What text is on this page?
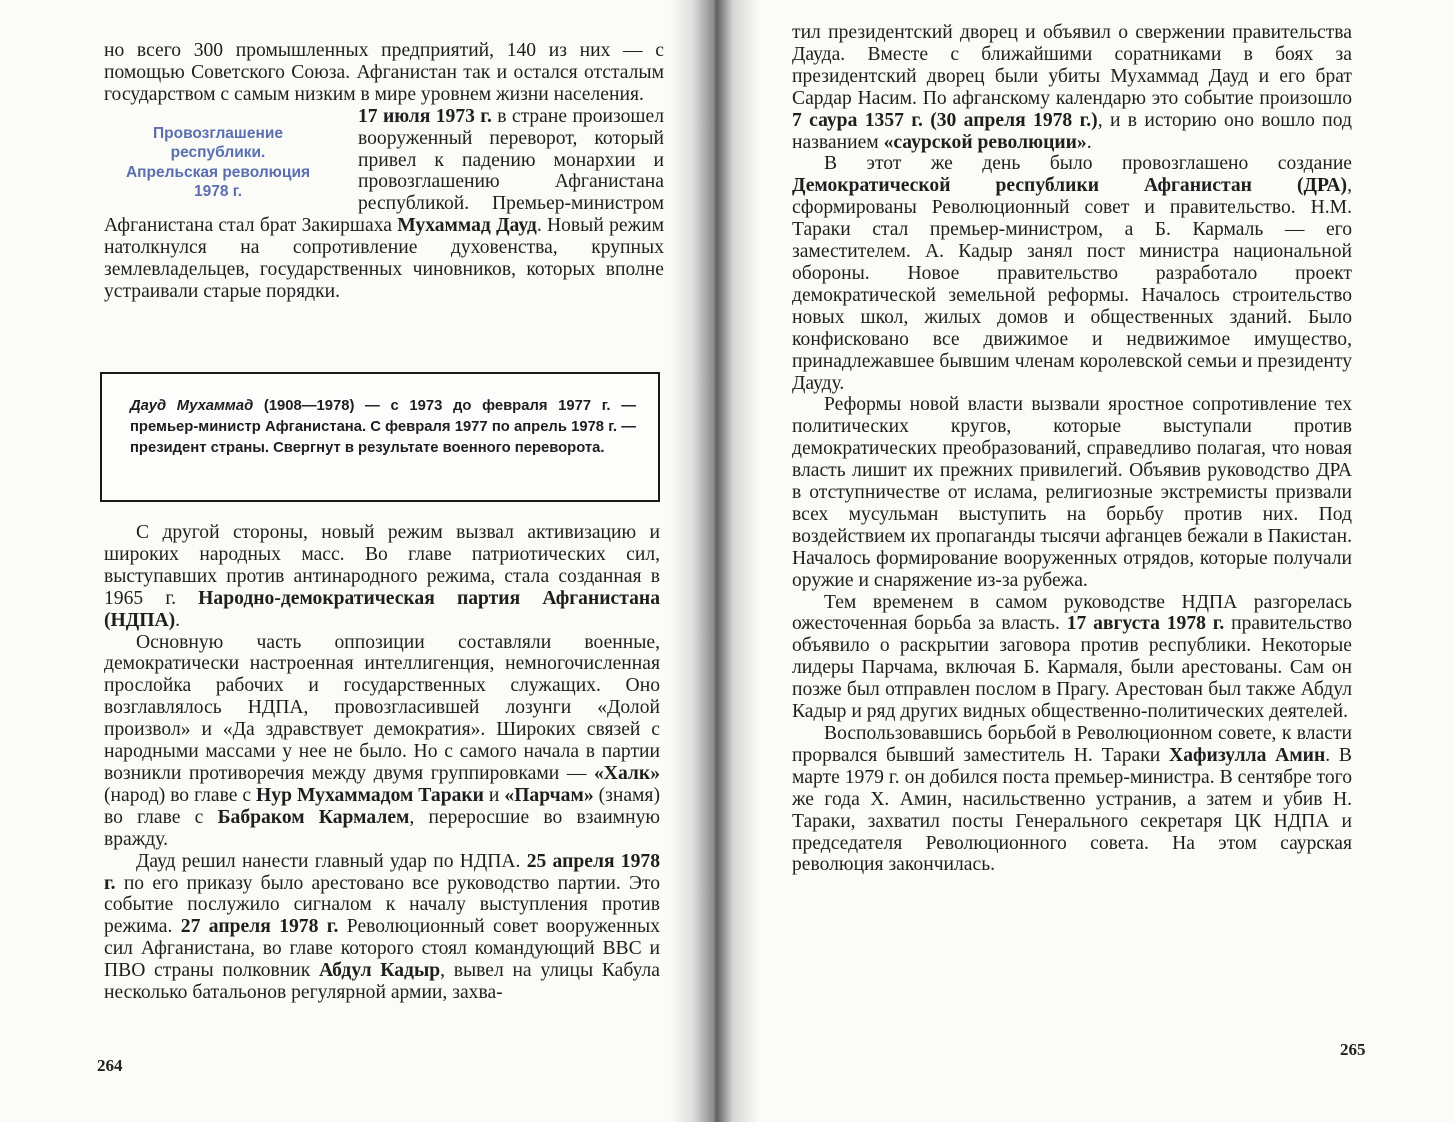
но всего 300 промышленных предприятий, 140 из них — с помощью Советского Союза. Афганистан так и остался отсталым государством с самым низким в мире уровнем жизни населения.

Провозглашение
республики.
Апрельская революция
1978 г.

17 июля 1973 г. в стране произошел вооруженный переворот, который привел к падению монархии и провозглашению Афганистана республикой. Премьер-министром Афганистана стал брат Закиршаха Мухаммад Дауд. Новый режим натолкнулся на сопротивление духовенства, крупных землевладельцев, государственных чиновников, которых вполне устраивали старые порядки.

Дауд Мухаммад (1908—1978) — с 1973 до февраля 1977 г. — премьер-министр Афганистана. С февраля 1977 по апрель 1978 г. — президент страны. Свергнут в результате военного переворота.

С другой стороны, новый режим вызвал активизацию и широких народных масс. Во главе патриотических сил, выступавших против антинародного режима, стала созданная в 1965 г. Народно-демократическая партия Афганистана (НДПА).

Основную часть оппозиции составляли военные, демократически настроенная интеллигенция, немногочисленная прослойка рабочих и государственных служащих. Оно возглавлялось НДПА, провозгласившей лозунги «Долой произвол» и «Да здравствует демократия». Широких связей с народными массами у нее не было. Но с самого начала в партии возникли противоречия между двумя группировками — «Халк» (народ) во главе с Нур Мухаммадом Тараки и «Парчам» (знамя) во главе с Бабраком Кармалем, переросшие во взаимную вражду.

Дауд решил нанести главный удар по НДПА. 25 апреля 1978 г. по его приказу было арестовано все руководство партии. Это событие послужило сигналом к началу выступления против режима. 27 апреля 1978 г. Революционный совет вооруженных сил Афганистана, во главе которого стоял командующий ВВС и ПВО страны полковник Абдул Кадыр, вывел на улицы Кабула несколько батальонов регулярной армии, захва-

264

тил президентский дворец и объявил о свержении правительства Дауда. Вместе с ближайшими соратниками в боях за президентский дворец были убиты Мухаммад Дауд и его брат Сардар Насим. По афганскому календарю это событие произошло 7 саура 1357 г. (30 апреля 1978 г.), и в историю оно вошло под названием «саурской революции».

В этот же день было провозглашено создание Демократической республики Афганистан (ДРА), сформированы Революционный совет и правительство. Н.М. Тараки стал премьер-министром, а Б. Кармаль — его заместителем. А. Кадыр занял пост министра национальной обороны. Новое правительство разработало проект демократической земельной реформы. Началось строительство новых школ, жилых домов и общественных зданий. Было конфисковано все движимое и недвижимое имущество, принадлежавшее бывшим членам королевской семьи и президенту Дауду.

Реформы новой власти вызвали яростное сопротивление тех политических кругов, которые выступали против демократических преобразований, справедливо полагая, что новая власть лишит их прежних привилегий. Объявив руководство ДРА в отступничестве от ислама, религиозные экстремисты призвали всех мусульман выступить на борьбу против них. Под воздействием их пропаганды тысячи афганцев бежали в Пакистан. Началось формирование вооруженных отрядов, которые получали оружие и снаряжение из-за рубежа.

Тем временем в самом руководстве НДПА разгорелась ожесточенная борьба за власть. 17 августа 1978 г. правительство объявило о раскрытии заговора против республики. Некоторые лидеры Парчама, включая Б. Кармаля, были арестованы. Сам он позже был отправлен послом в Прагу. Арестован был также Абдул Кадыр и ряд других видных общественно-политических деятелей.

Воспользовавшись борьбой в Революционном совете, к власти прорвался бывший заместитель Н. Тараки Хафизулла Амин. В марте 1979 г. он добился поста премьер-министра. В сентябре того же года Х. Амин, насильственно устранив, а затем и убив Н. Тараки, захватил посты Генерального секретаря ЦК НДПА и председателя Революционного совета. На этом саурская революция закончилась.

265
